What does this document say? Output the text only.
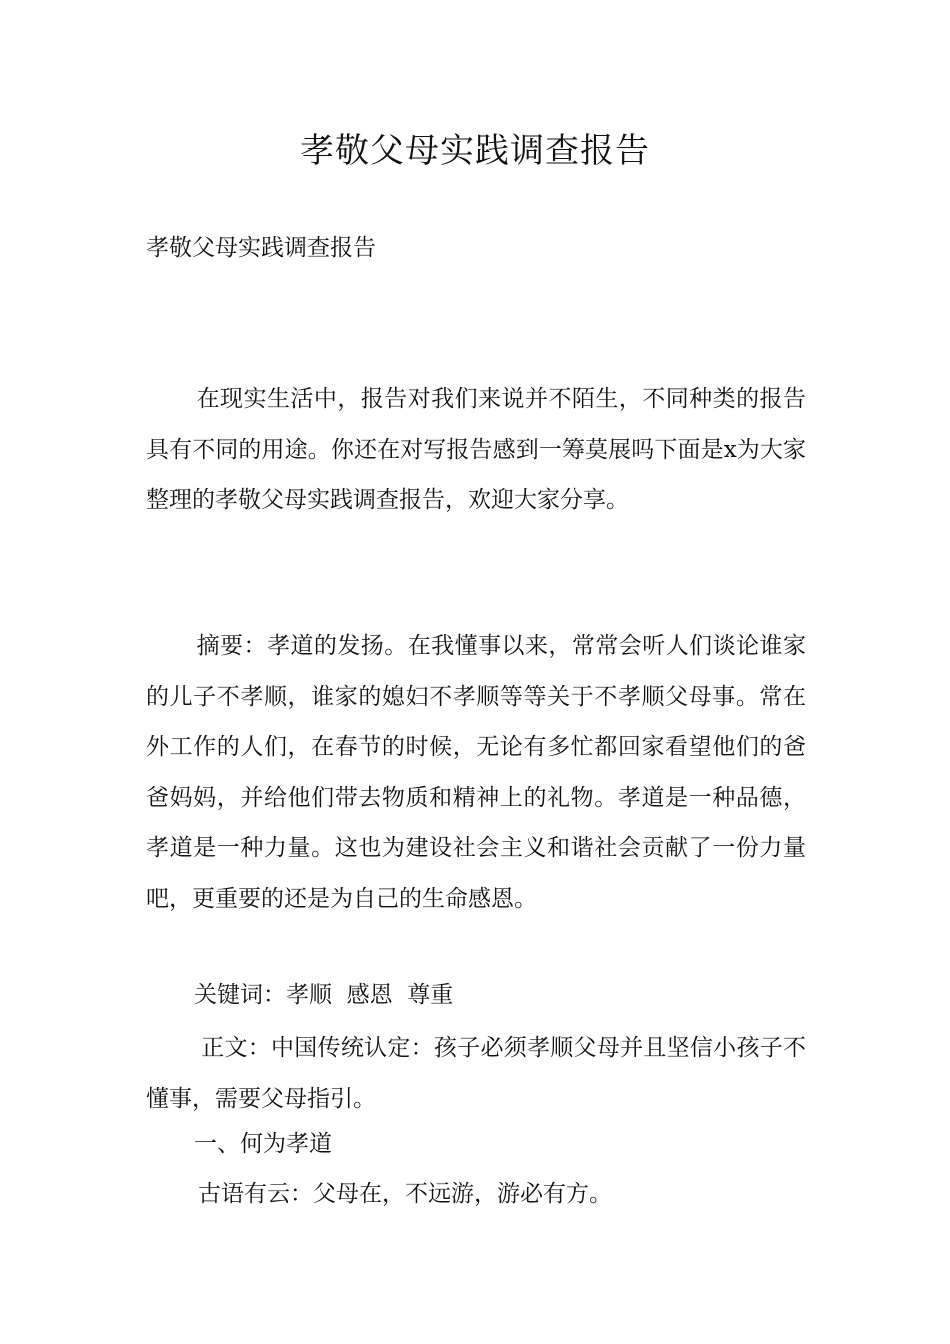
孝敬父母实践调查报告

孝敬父母实践调查报告

在现实生活中，报告对我们来说并不陌生，不同种类的报告具有不同的用途。你还在对写报告感到一筹莫展吗下面是x为大家整理的孝敬父母实践调查报告，欢迎大家分享。

摘要：孝道的发扬。在我懂事以来，常常会听人们谈论谁家的儿子不孝顺，谁家的媳妇不孝顺等等关于不孝顺父母事。常在外工作的人们，在春节的时候，无论有多忙都回家看望他们的爸爸妈妈，并给他们带去物质和精神上的礼物。孝道是一种品德，孝道是一种力量。这也为建设社会主义和谐社会贡献了一份力量吧，更重要的还是为自己的生命感恩。

关键词：孝顺  感恩  尊重

正文：中国传统认定：孩子必须孝顺父母并且坚信小孩子不懂事，需要父母指引。

一、何为孝道

古语有云：父母在，不远游，游必有方。
